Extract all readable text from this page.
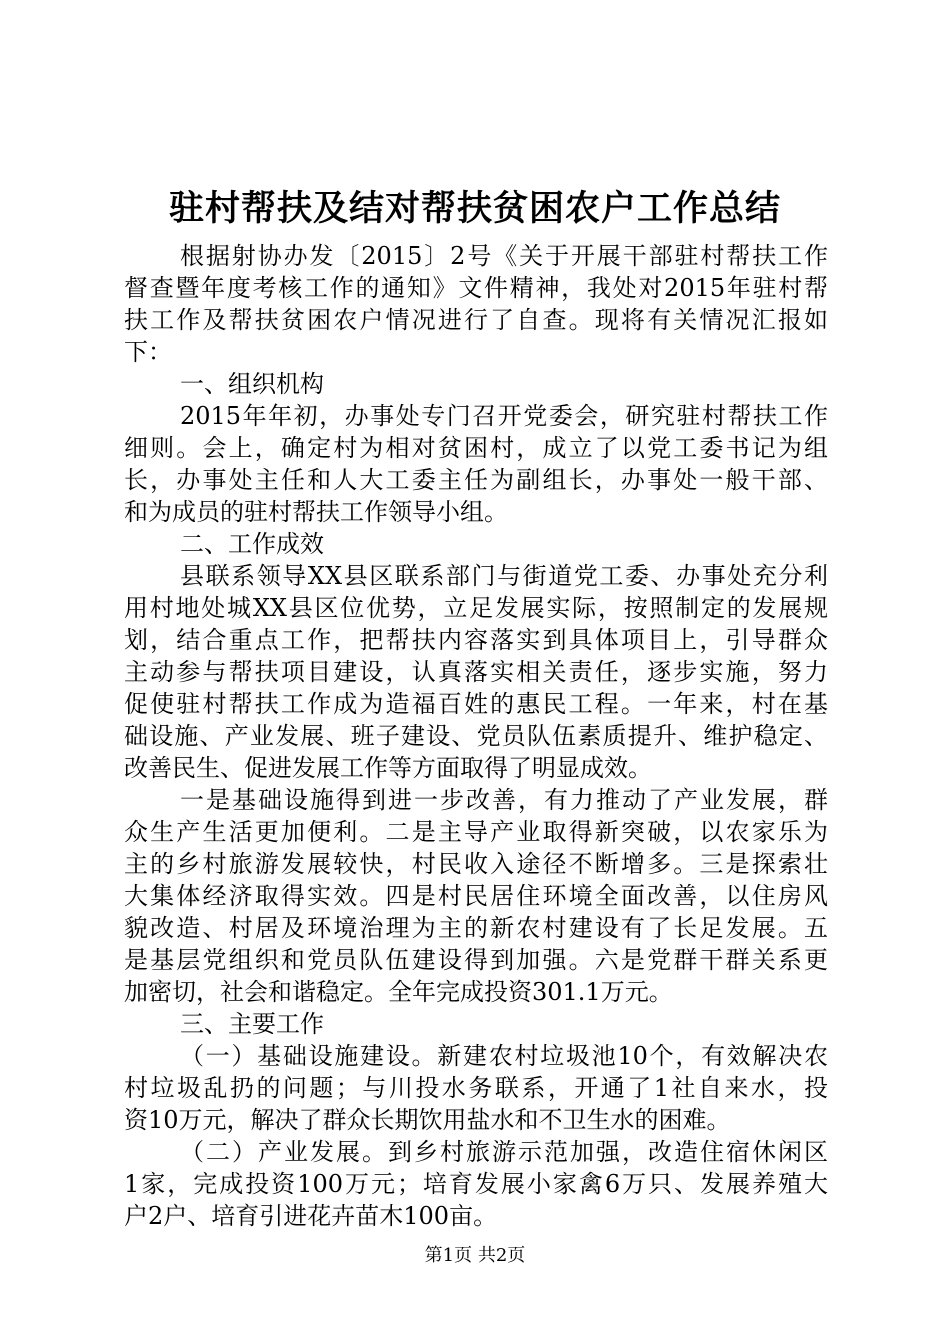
驻村帮扶及结对帮扶贫困农户工作总结
根据射协办发〔2015〕2号《关于开展干部驻村帮扶工作
督查暨年度考核工作的通知》文件精神，我处对2015年驻村帮
扶工作及帮扶贫困农户情况进行了自查。现将有关情况汇报如
下：
一、组织机构
2015年年初，办事处专门召开党委会，研究驻村帮扶工作
细则。会上，确定村为相对贫困村，成立了以党工委书记为组
长，办事处主任和人大工委主任为副组长，办事处一般干部、
和为成员的驻村帮扶工作领导小组。
二、工作成效
县联系领导XX县区联系部门与街道党工委、办事处充分利
用村地处城XX县区位优势，立足发展实际，按照制定的发展规
划，结合重点工作，把帮扶内容落实到具体项目上，引导群众
主动参与帮扶项目建设，认真落实相关责任，逐步实施，努力
促使驻村帮扶工作成为造福百姓的惠民工程。一年来，村在基
础设施、产业发展、班子建设、党员队伍素质提升、维护稳定、
改善民生、促进发展工作等方面取得了明显成效。
一是基础设施得到进一步改善，有力推动了产业发展，群
众生产生活更加便利。二是主导产业取得新突破，以农家乐为
主的乡村旅游发展较快，村民收入途径不断增多。三是探索壮
大集体经济取得实效。四是村民居住环境全面改善，以住房风
貌改造、村居及环境治理为主的新农村建设有了长足发展。五
是基层党组织和党员队伍建设得到加强。六是党群干群关系更
加密切，社会和谐稳定。全年完成投资301.1万元。
三、主要工作
（一）基础设施建设。新建农村垃圾池10个，有效解决农
村垃圾乱扔的问题；与川投水务联系，开通了1社自来水，投
资10万元，解决了群众长期饮用盐水和不卫生水的困难。
（二）产业发展。到乡村旅游示范加强，改造住宿休闲区
1家，完成投资100万元；培育发展小家禽6万只、发展养殖大
户2户、培育引进花卉苗木100亩。
第1页 共2页
